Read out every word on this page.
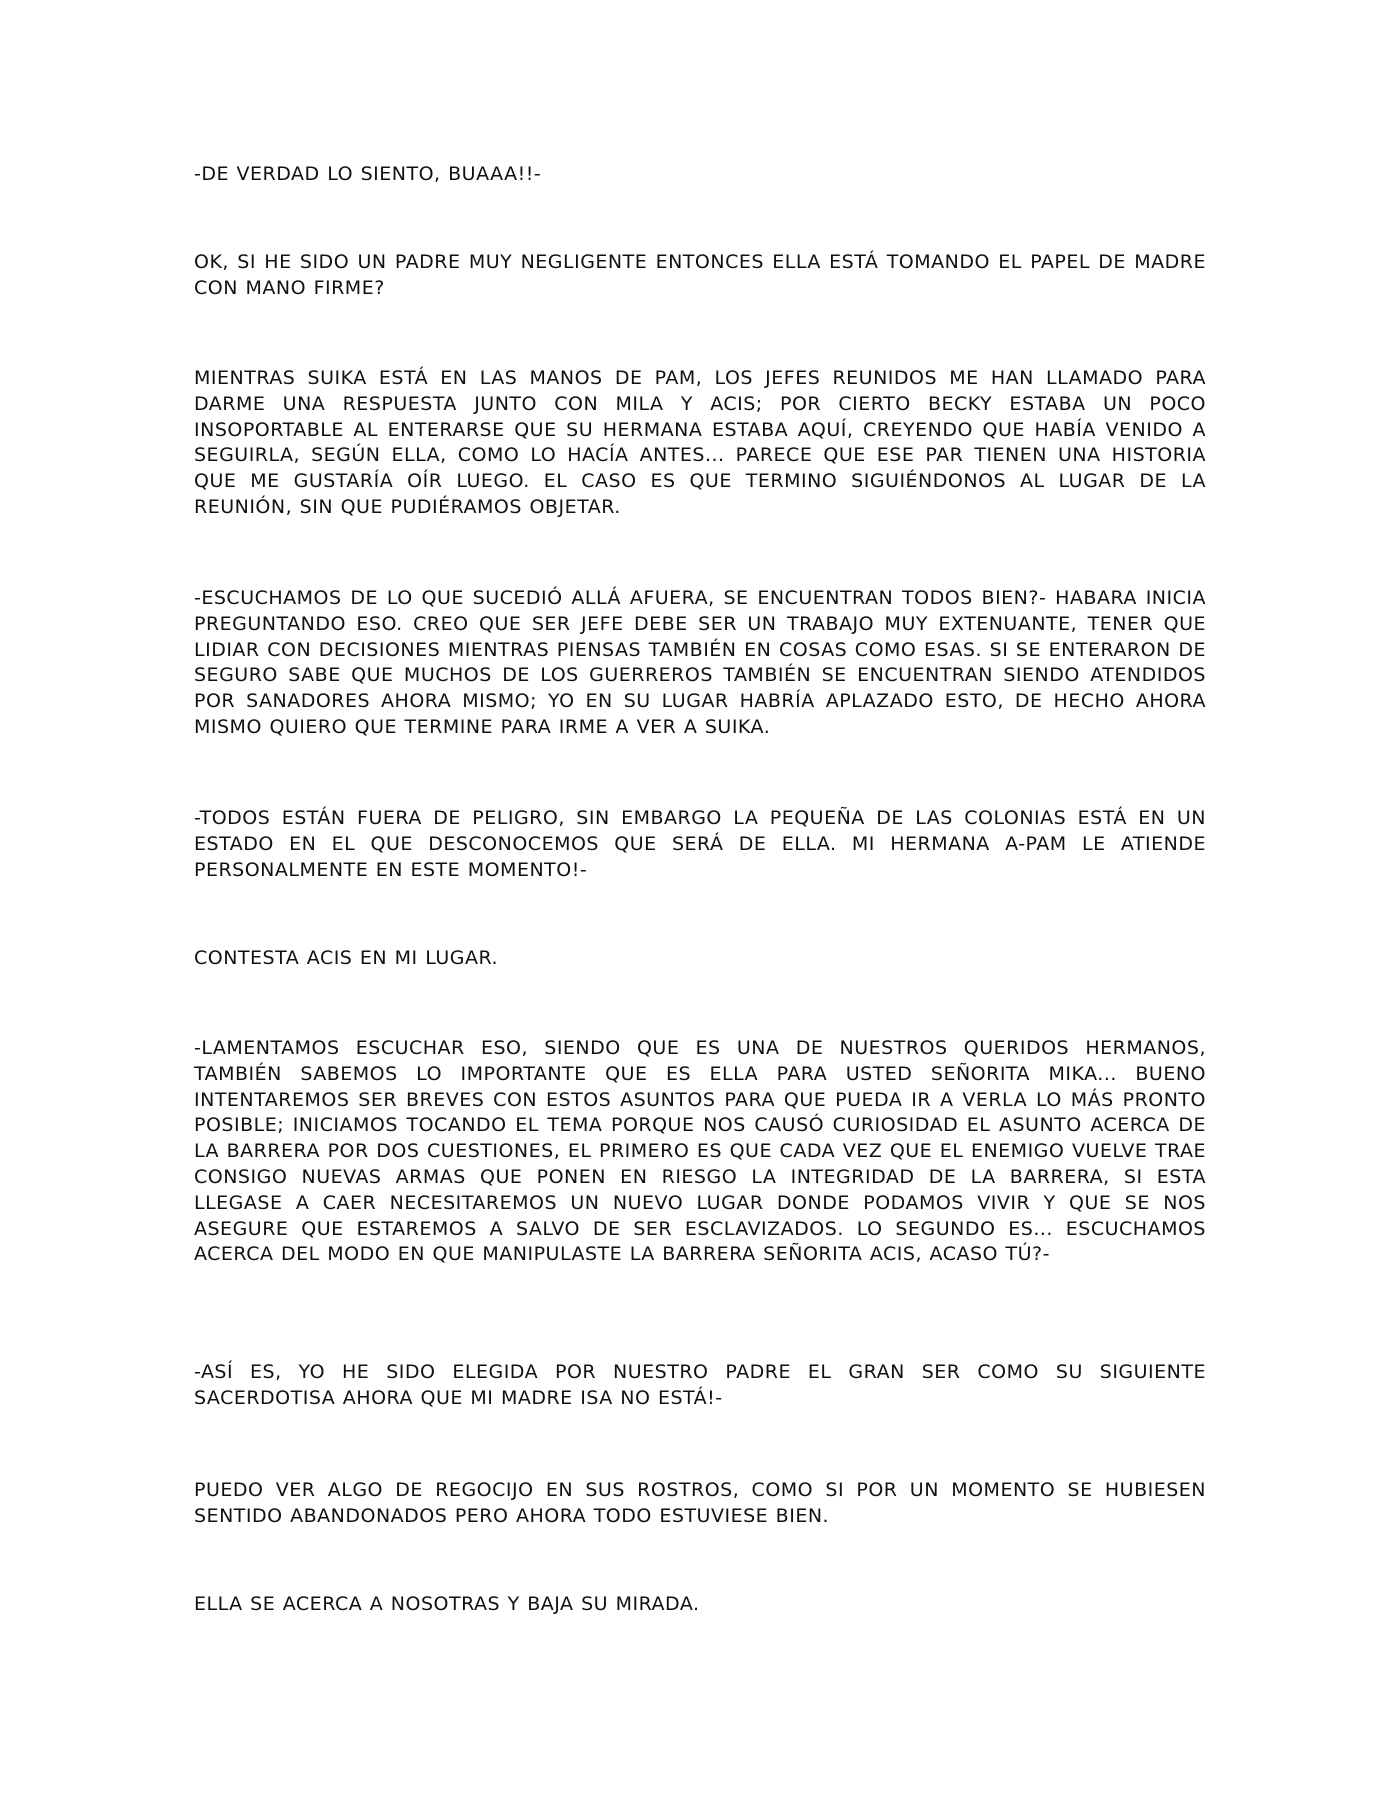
-DE VERDAD LO SIENTO, BUAAA!!-

OK, SI HE SIDO UN PADRE MUY NEGLIGENTE ENTONCES ELLA ESTÁ TOMANDO EL PAPEL DE MADRE CON MANO FIRME?

MIENTRAS SUIKA ESTÁ EN LAS MANOS DE PAM, LOS JEFES REUNIDOS ME HAN LLAMADO PARA DARME UNA RESPUESTA JUNTO CON MILA Y ACIS; POR CIERTO BECKY ESTABA UN POCO INSOPORTABLE AL ENTERARSE QUE SU HERMANA ESTABA AQUÍ, CREYENDO QUE HABÍA VENIDO A SEGUIRLA, SEGÚN ELLA, COMO LO HACÍA ANTES... PARECE QUE ESE PAR TIENEN UNA HISTORIA QUE ME GUSTARÍA OÍR LUEGO. EL CASO ES QUE TERMINO SIGUIÉNDONOS AL LUGAR DE LA REUNIÓN, SIN QUE PUDIÉRAMOS OBJETAR.

-ESCUCHAMOS DE LO QUE SUCEDIÓ ALLÁ AFUERA, SE ENCUENTRAN TODOS BIEN?- HABARA INICIA PREGUNTANDO ESO. CREO QUE SER JEFE DEBE SER UN TRABAJO MUY EXTENUANTE, TENER QUE LIDIAR CON DECISIONES MIENTRAS PIENSAS TAMBIÉN EN COSAS COMO ESAS. SI SE ENTERARON DE SEGURO SABE QUE MUCHOS DE LOS GUERREROS TAMBIÉN SE ENCUENTRAN SIENDO ATENDIDOS POR SANADORES AHORA MISMO; YO EN SU LUGAR HABRÍA APLAZADO ESTO, DE HECHO AHORA MISMO QUIERO QUE TERMINE PARA IRME A VER A SUIKA.

-TODOS ESTÁN FUERA DE PELIGRO, SIN EMBARGO LA PEQUEÑA DE LAS COLONIAS ESTÁ EN UN ESTADO EN EL QUE DESCONOCEMOS QUE SERÁ DE ELLA. MI HERMANA A-PAM LE ATIENDE PERSONALMENTE EN ESTE MOMENTO!-

CONTESTA ACIS EN MI LUGAR.

-LAMENTAMOS ESCUCHAR ESO, SIENDO QUE ES UNA DE NUESTROS QUERIDOS HERMANOS, TAMBIÉN SABEMOS LO IMPORTANTE QUE ES ELLA PARA USTED SEÑORITA MIKA... BUENO INTENTAREMOS SER BREVES CON ESTOS ASUNTOS PARA QUE PUEDA IR A VERLA LO MÁS PRONTO POSIBLE; INICIAMOS TOCANDO EL TEMA PORQUE NOS CAUSÓ CURIOSIDAD EL ASUNTO ACERCA DE LA BARRERA POR DOS CUESTIONES, EL PRIMERO ES QUE CADA VEZ QUE EL ENEMIGO VUELVE TRAE CONSIGO NUEVAS ARMAS QUE PONEN EN RIESGO LA INTEGRIDAD DE LA BARRERA, SI ESTA LLEGASE A CAER NECESITAREMOS UN NUEVO LUGAR DONDE PODAMOS VIVIR Y QUE SE NOS ASEGURE QUE ESTAREMOS A SALVO DE SER ESCLAVIZADOS. LO SEGUNDO ES... ESCUCHAMOS ACERCA DEL MODO EN QUE MANIPULASTE LA BARRERA SEÑORITA ACIS, ACASO TÚ?-

-ASÍ ES, YO HE SIDO ELEGIDA POR NUESTRO PADRE EL GRAN SER COMO SU SIGUIENTE SACERDOTISA AHORA QUE MI MADRE ISA NO ESTÁ!-

PUEDO VER ALGO DE REGOCIJO EN SUS ROSTROS, COMO SI POR UN MOMENTO SE HUBIESEN SENTIDO ABANDONADOS PERO AHORA TODO ESTUVIESE BIEN.

ELLA SE ACERCA A NOSOTRAS Y BAJA SU MIRADA.
